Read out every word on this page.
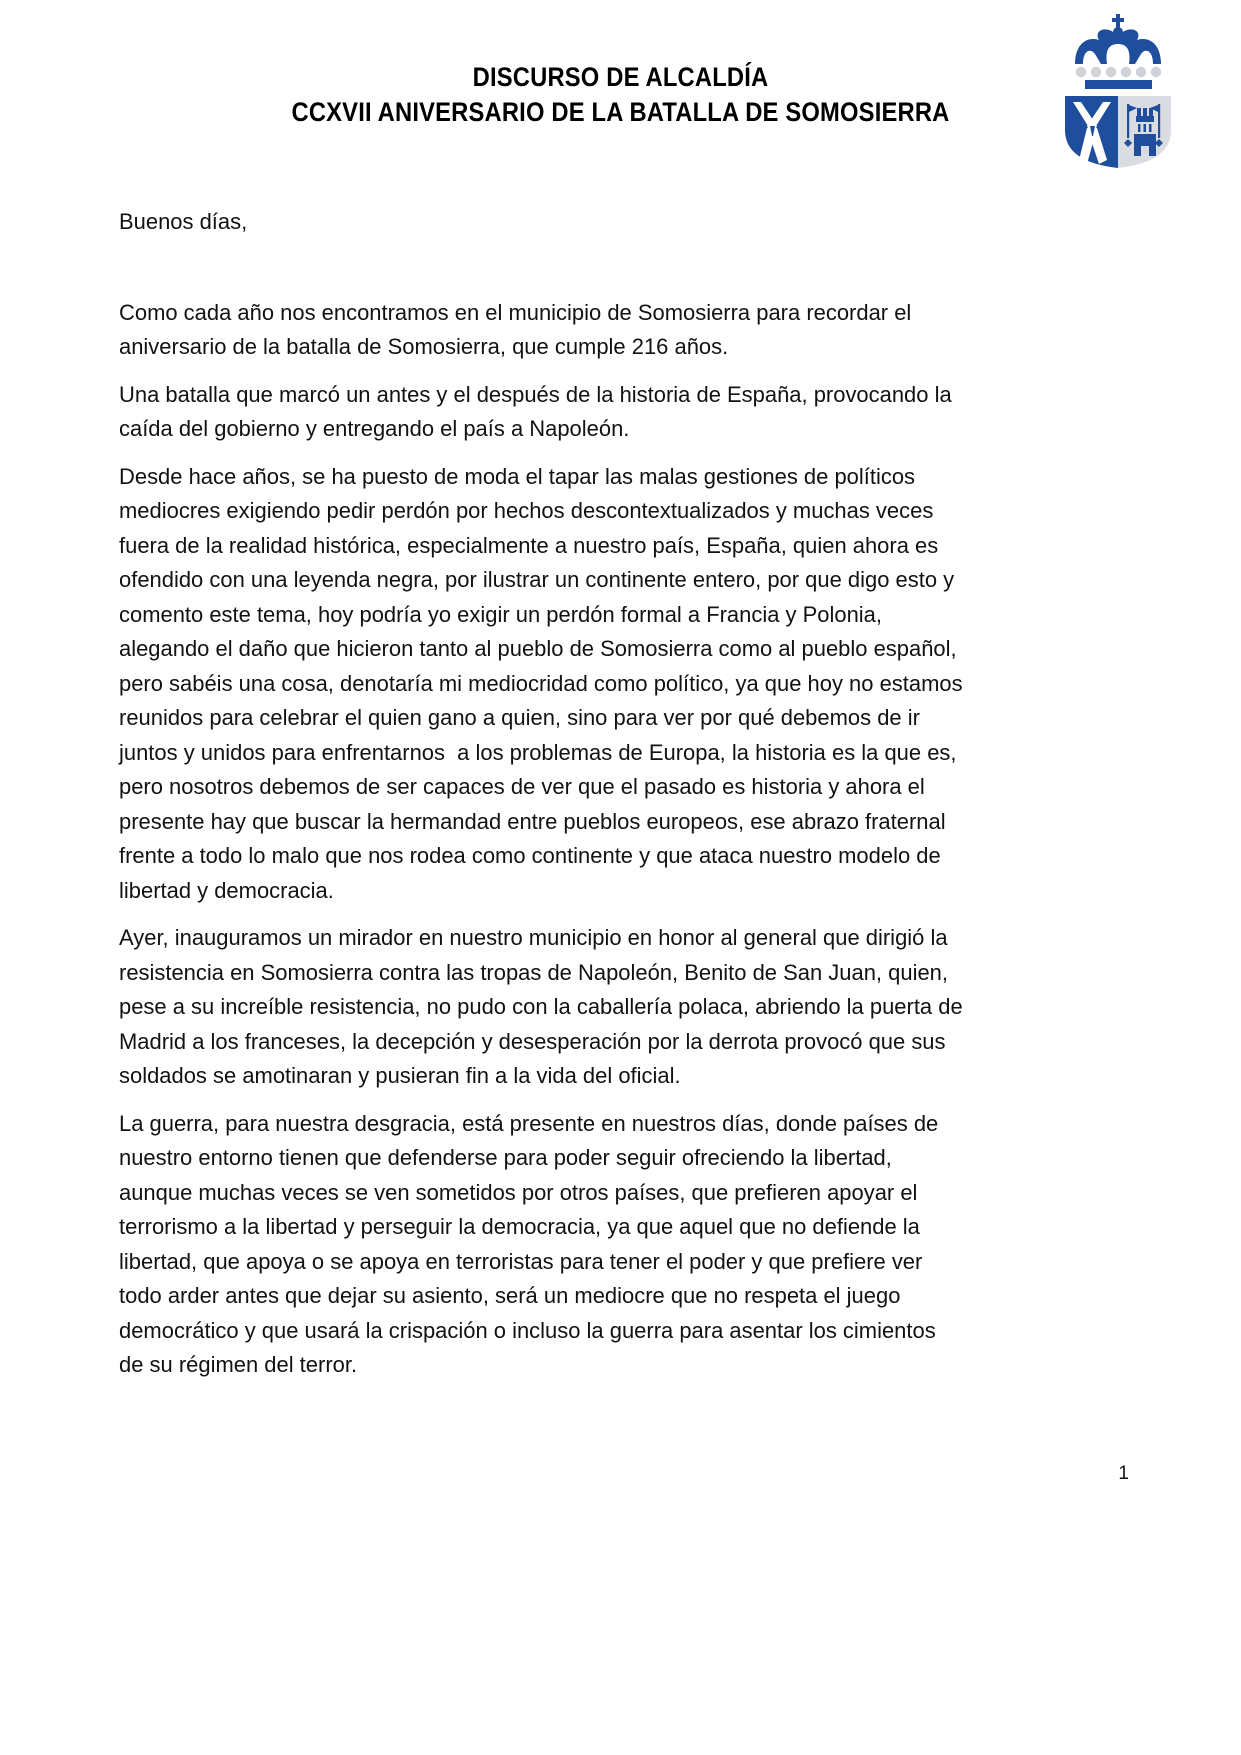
DISCURSO DE ALCALDÍA
CCXVII ANIVERSARIO DE LA BATALLA DE SOMOSIERRA

Buenos días,

Como cada año nos encontramos en el municipio de Somosierra para recordar el aniversario de la batalla de Somosierra, que cumple 216 años.

Una batalla que marcó un antes y el después de la historia de España, provocando la caída del gobierno y entregando el país a Napoleón.

Desde hace años, se ha puesto de moda el tapar las malas gestiones de políticos mediocres exigiendo pedir perdón por hechos descontextualizados y muchas veces fuera de la realidad histórica, especialmente a nuestro país, España, quien ahora es ofendido con una leyenda negra, por ilustrar un continente entero, por que digo esto y comento este tema, hoy podría yo exigir un perdón formal a Francia y Polonia, alegando el daño que hicieron tanto al pueblo de Somosierra como al pueblo español, pero sabéis una cosa, denotaría mi mediocridad como político, ya que hoy no estamos reunidos para celebrar el quien gano a quien, sino para ver por qué debemos de ir juntos y unidos para enfrentarnos  a los problemas de Europa, la historia es la que es, pero nosotros debemos de ser capaces de ver que el pasado es historia y ahora el presente hay que buscar la hermandad entre pueblos europeos, ese abrazo fraternal frente a todo lo malo que nos rodea como continente y que ataca nuestro modelo de libertad y democracia.

Ayer, inauguramos un mirador en nuestro municipio en honor al general que dirigió la resistencia en Somosierra contra las tropas de Napoleón, Benito de San Juan, quien, pese a su increíble resistencia, no pudo con la caballería polaca, abriendo la puerta de Madrid a los franceses, la decepción y desesperación por la derrota provocó que sus soldados se amotinaran y pusieran fin a la vida del oficial.

La guerra, para nuestra desgracia, está presente en nuestros días, donde países de nuestro entorno tienen que defenderse para poder seguir ofreciendo la libertad, aunque muchas veces se ven sometidos por otros países, que prefieren apoyar el terrorismo a la libertad y perseguir la democracia, ya que aquel que no defiende la libertad, que apoya o se apoya en terroristas para tener el poder y que prefiere ver todo arder antes que dejar su asiento, será un mediocre que no respeta el juego democrático y que usará la crispación o incluso la guerra para asentar los cimientos de su régimen del terror.

1
